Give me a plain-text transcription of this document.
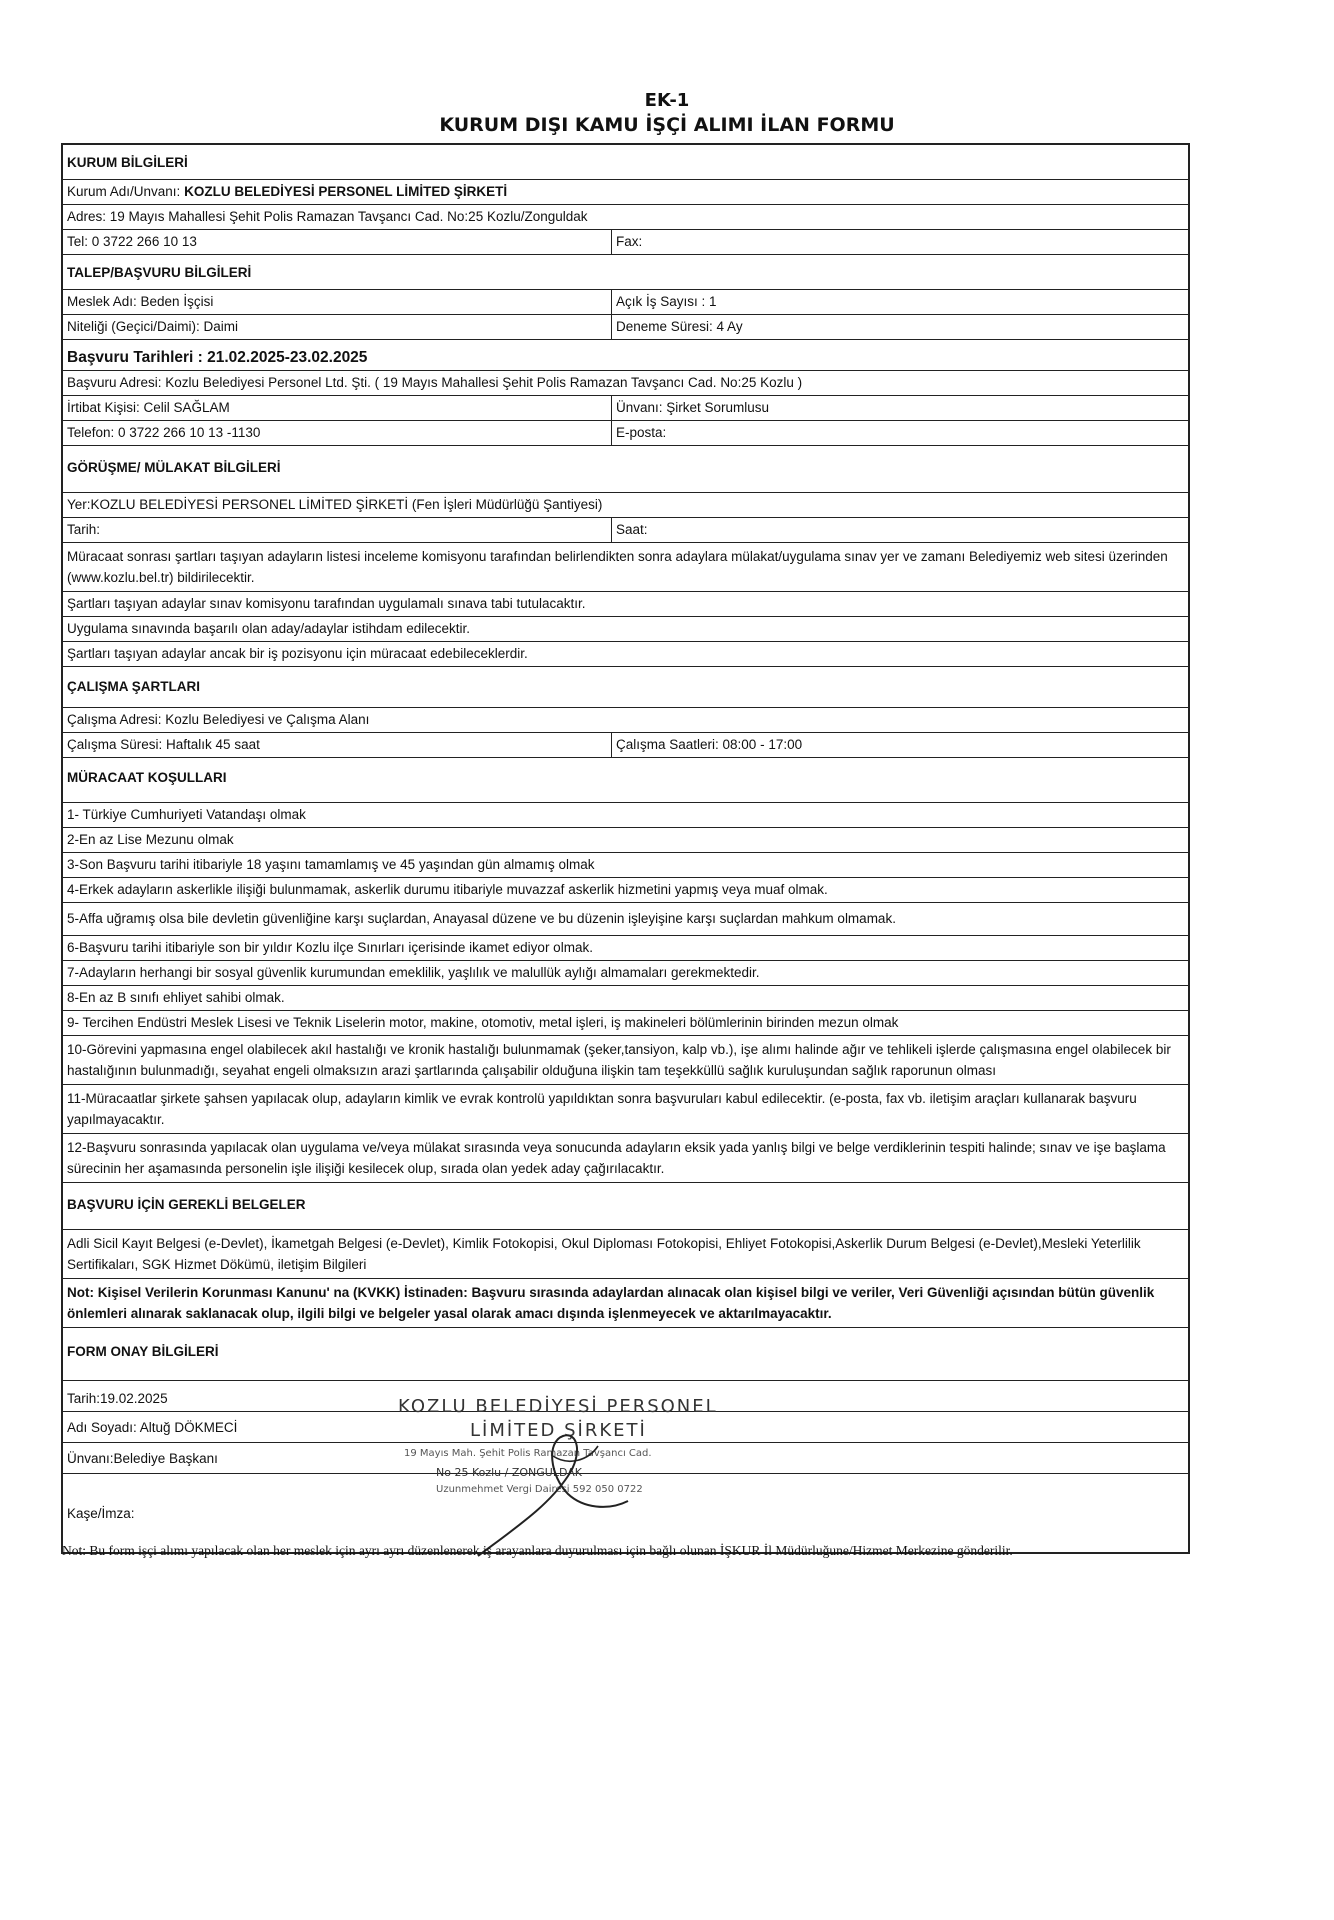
EK-1
KURUM DIŞI KAMU İŞÇİ ALIMI İLAN FORMU
KURUM BİLGİLERİ
Kurum Adı/Unvanı: KOZLU BELEDİYESİ PERSONEL LİMİTED ŞİRKETİ
Adres: 19 Mayıs Mahallesi Şehit Polis Ramazan Tavşancı Cad. No:25 Kozlu/Zonguldak
Tel: 0 3722 266 10 13	Fax:
TALEP/BAŞVURU BİLGİLERİ
Meslek Adı: Beden İşçisi	Açık İş Sayısı : 1
Niteliği (Geçici/Daimi): Daimi	Deneme Süresi: 4 Ay
Başvuru Tarihleri : 21.02.2025-23.02.2025
Başvuru Adresi: Kozlu Belediyesi Personel Ltd. Şti. ( 19 Mayıs Mahallesi Şehit Polis Ramazan Tavşancı Cad. No:25 Kozlu )
İrtibat Kişisi: Celil SAĞLAM	Ünvanı: Şirket Sorumlusu
Telefon: 0 3722 266 10 13 -1130	E-posta:
GÖRÜŞME/ MÜLAKAT BİLGİLERİ
Yer:KOZLU BELEDİYESİ PERSONEL LİMİTED ŞİRKETİ (Fen İşleri Müdürlüğü Şantiyesi)
Tarih:	Saat:
Müracaat sonrası şartları taşıyan adayların listesi inceleme komisyonu tarafından belirlendikten sonra adaylara mülakat/uygulama sınav yer ve zamanı Belediyemiz web sitesi üzerinden (www.kozlu.bel.tr) bildirilecektir.
Şartları taşıyan adaylar sınav komisyonu tarafından uygulamalı sınava tabi tutulacaktır.
Uygulama sınavında başarılı olan aday/adaylar istihdam edilecektir.
Şartları taşıyan adaylar ancak bir iş pozisyonu için müracaat edebileceklerdir.
ÇALIŞMA ŞARTLARI
Çalışma Adresi: Kozlu Belediyesi ve Çalışma Alanı
Çalışma Süresi: Haftalık 45 saat	Çalışma Saatleri: 08:00 - 17:00
MÜRACAAT KOŞULLARI
1- Türkiye Cumhuriyeti Vatandaşı olmak
2-En az Lise Mezunu olmak
3-Son Başvuru tarihi itibariyle 18 yaşını tamamlamış ve 45 yaşından gün almamış olmak
4-Erkek adayların askerlikle ilişiği bulunmamak, askerlik durumu itibariyle muvazzaf askerlik hizmetini yapmış veya muaf olmak.
5-Affa uğramış olsa bile devletin güvenliğine karşı suçlardan, Anayasal düzene ve bu düzenin işleyişine karşı suçlardan mahkum olmamak.
6-Başvuru tarihi itibariyle son bir yıldır Kozlu ilçe Sınırları içerisinde ikamet ediyor olmak.
7-Adayların herhangi bir sosyal güvenlik kurumundan emeklilik, yaşlılık ve malullük aylığı almamaları gerekmektedir.
8-En az B sınıfı ehliyet sahibi olmak.
9- Tercihen Endüstri Meslek Lisesi ve Teknik Liselerin motor, makine, otomotiv, metal işleri, iş makineleri bölümlerinin birinden mezun olmak
10-Görevini yapmasına engel olabilecek akıl hastalığı ve kronik hastalığı bulunmamak (şeker,tansiyon, kalp vb.), işe alımı halinde ağır ve tehlikeli işlerde çalışmasına engel olabilecek bir hastalığının bulunmadığı, seyahat engeli olmaksızın arazi şartlarında çalışabilir olduğuna ilişkin tam teşekküllü sağlık kuruluşundan sağlık raporunun olması
11-Müracaatlar şirkete şahsen yapılacak olup, adayların kimlik ve evrak kontrolü yapıldıktan sonra başvuruları kabul edilecektir. (e-posta, fax vb. iletişim araçları kullanarak başvuru yapılmayacaktır.
12-Başvuru sonrasında yapılacak olan uygulama ve/veya mülakat sırasında veya sonucunda adayların eksik yada yanlış bilgi ve belge verdiklerinin tespiti halinde; sınav ve işe başlama sürecinin her aşamasında personelin işle ilişiği kesilecek olup, sırada olan yedek aday çağırılacaktır.
BAŞVURU İÇİN GEREKLİ BELGELER
Adli Sicil Kayıt Belgesi (e-Devlet), İkametgah Belgesi (e-Devlet), Kimlik Fotokopisi, Okul Diploması Fotokopisi, Ehliyet Fotokopisi,Askerlik Durum Belgesi (e-Devlet),Mesleki Yeterlilik Sertifikaları, SGK Hizmet Dökümü, iletişim Bilgileri
Not: Kişisel Verilerin Korunması Kanunu' na (KVKK) İstinaden: Başvuru sırasında adaylardan alınacak olan kişisel bilgi ve veriler, Veri Güvenliği açısından bütün güvenlik önlemleri alınarak saklanacak olup, ilgili bilgi ve belgeler yasal olarak amacı dışında işlenmeyecek ve aktarılmayacaktır.
FORM ONAY BİLGİLERİ
Tarih:19.02.2025
Adı Soyadı: Altuğ DÖKMECİ
Ünvanı:Belediye Başkanı
Kaşe/İmza:
KOZLU BELEDİYESİ PERSONEL
LİMİTED ŞİRKETİ
19 Mayıs Mah. Şehit Polis Ramazan Tavşancı Cad.
No 25 Kozlu / ZONGULDAK
Uzunmehmet Vergi Dairesi 592 050 0722
Not: Bu form işçi alımı yapılacak olan her meslek için ayrı ayrı düzenlenerek iş arayanlara duyurulması için bağlı olunan İŞKUR İl Müdürluğune/Hizmet Merkezine gönderilir.
